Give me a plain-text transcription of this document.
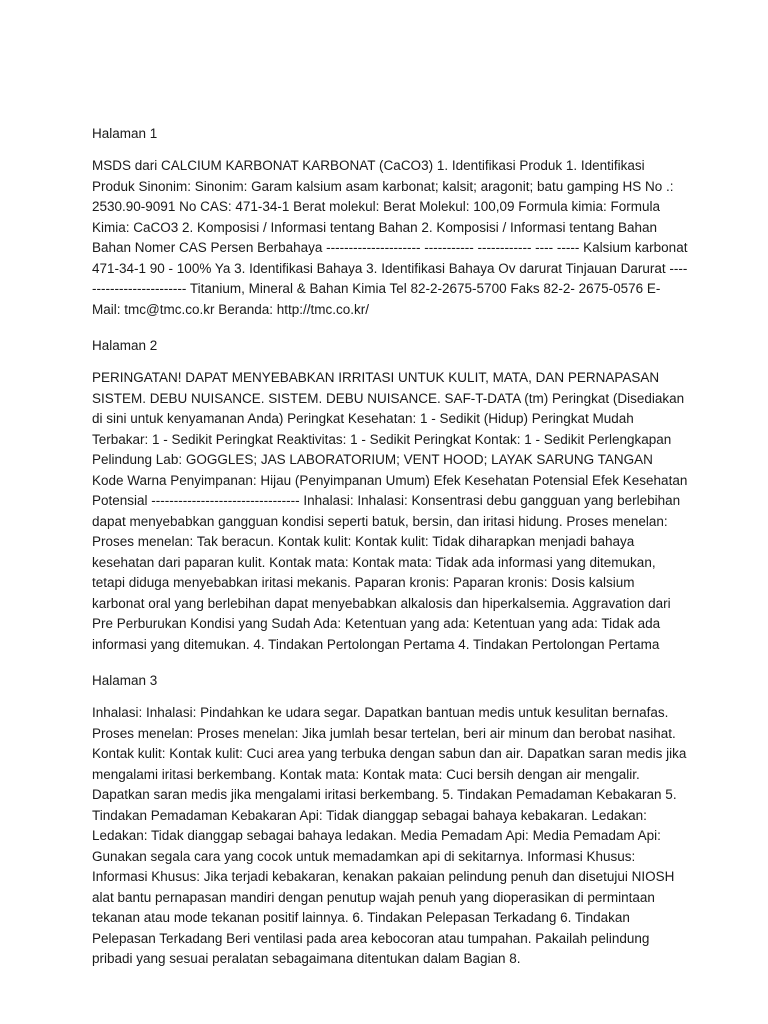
Halaman 1

MSDS dari CALCIUM KARBONAT KARBONAT (CaCO3) 1. Identifikasi Produk 1. Identifikasi Produk Sinonim: Sinonim: Garam kalsium asam karbonat; kalsit; aragonit; batu gamping HS No .: 2530.90-9091 No CAS: 471-34-1 Berat molekul: Berat Molekul: 100,09 Formula kimia: Formula Kimia: CaCO3 2. Komposisi / Informasi tentang Bahan 2. Komposisi / Informasi tentang Bahan Bahan Nomer CAS Persen Berbahaya --------------------- ----------- ------------ ---- ----- Kalsium karbonat 471-34-1 90 - 100% Ya 3. Identifikasi Bahaya 3. Identifikasi Bahaya Ov darurat Tinjauan Darurat ------------------------- Titanium, Mineral & Bahan Kimia Tel 82-2-2675-5700 Faks 82-2- 2675-0576 E-Mail: tmc@tmc.co.kr Beranda: http://tmc.co.kr/

Halaman 2

PERINGATAN! DAPAT MENYEBABKAN IRRITASI UNTUK KULIT, MATA, DAN PERNAPASAN SISTEM. DEBU NUISANCE. SISTEM. DEBU NUISANCE. SAF-T-DATA (tm) Peringkat (Disediakan di sini untuk kenyamanan Anda) Peringkat Kesehatan: 1 - Sedikit (Hidup) Peringkat Mudah Terbakar: 1 - Sedikit Peringkat Reaktivitas: 1 - Sedikit Peringkat Kontak: 1 - Sedikit Perlengkapan Pelindung Lab: GOGGLES; JAS LABORATORIUM; VENT HOOD; LAYAK SARUNG TANGAN Kode Warna Penyimpanan: Hijau (Penyimpanan Umum) Efek Kesehatan Potensial Efek Kesehatan Potensial --------------------------------- Inhalasi: Inhalasi: Konsentrasi debu gangguan yang berlebihan dapat menyebabkan gangguan kondisi seperti batuk, bersin, dan iritasi hidung. Proses menelan: Proses menelan: Tak beracun. Kontak kulit: Kontak kulit: Tidak diharapkan menjadi bahaya kesehatan dari paparan kulit. Kontak mata: Kontak mata: Tidak ada informasi yang ditemukan, tetapi diduga menyebabkan iritasi mekanis. Paparan kronis: Paparan kronis: Dosis kalsium karbonat oral yang berlebihan dapat menyebabkan alkalosis dan hiperkalsemia. Aggravation dari Pre Perburukan Kondisi yang Sudah Ada: Ketentuan yang ada: Ketentuan yang ada: Tidak ada informasi yang ditemukan. 4. Tindakan Pertolongan Pertama 4. Tindakan Pertolongan Pertama

Halaman 3

Inhalasi: Inhalasi: Pindahkan ke udara segar. Dapatkan bantuan medis untuk kesulitan bernafas. Proses menelan: Proses menelan: Jika jumlah besar tertelan, beri air minum dan berobat nasihat. Kontak kulit: Kontak kulit: Cuci area yang terbuka dengan sabun dan air. Dapatkan saran medis jika mengalami iritasi berkembang. Kontak mata: Kontak mata: Cuci bersih dengan air mengalir. Dapatkan saran medis jika mengalami iritasi berkembang. 5. Tindakan Pemadaman Kebakaran 5. Tindakan Pemadaman Kebakaran Api: Tidak dianggap sebagai bahaya kebakaran. Ledakan: Ledakan: Tidak dianggap sebagai bahaya ledakan. Media Pemadam Api: Media Pemadam Api: Gunakan segala cara yang cocok untuk memadamkan api di sekitarnya. Informasi Khusus: Informasi Khusus: Jika terjadi kebakaran, kenakan pakaian pelindung penuh dan disetujui NIOSH alat bantu pernapasan mandiri dengan penutup wajah penuh yang dioperasikan di permintaan tekanan atau mode tekanan positif lainnya. 6. Tindakan Pelepasan Terkadang 6. Tindakan Pelepasan Terkadang Beri ventilasi pada area kebocoran atau tumpahan. Pakailah pelindung pribadi yang sesuai peralatan sebagaimana ditentukan dalam Bagian 8.
